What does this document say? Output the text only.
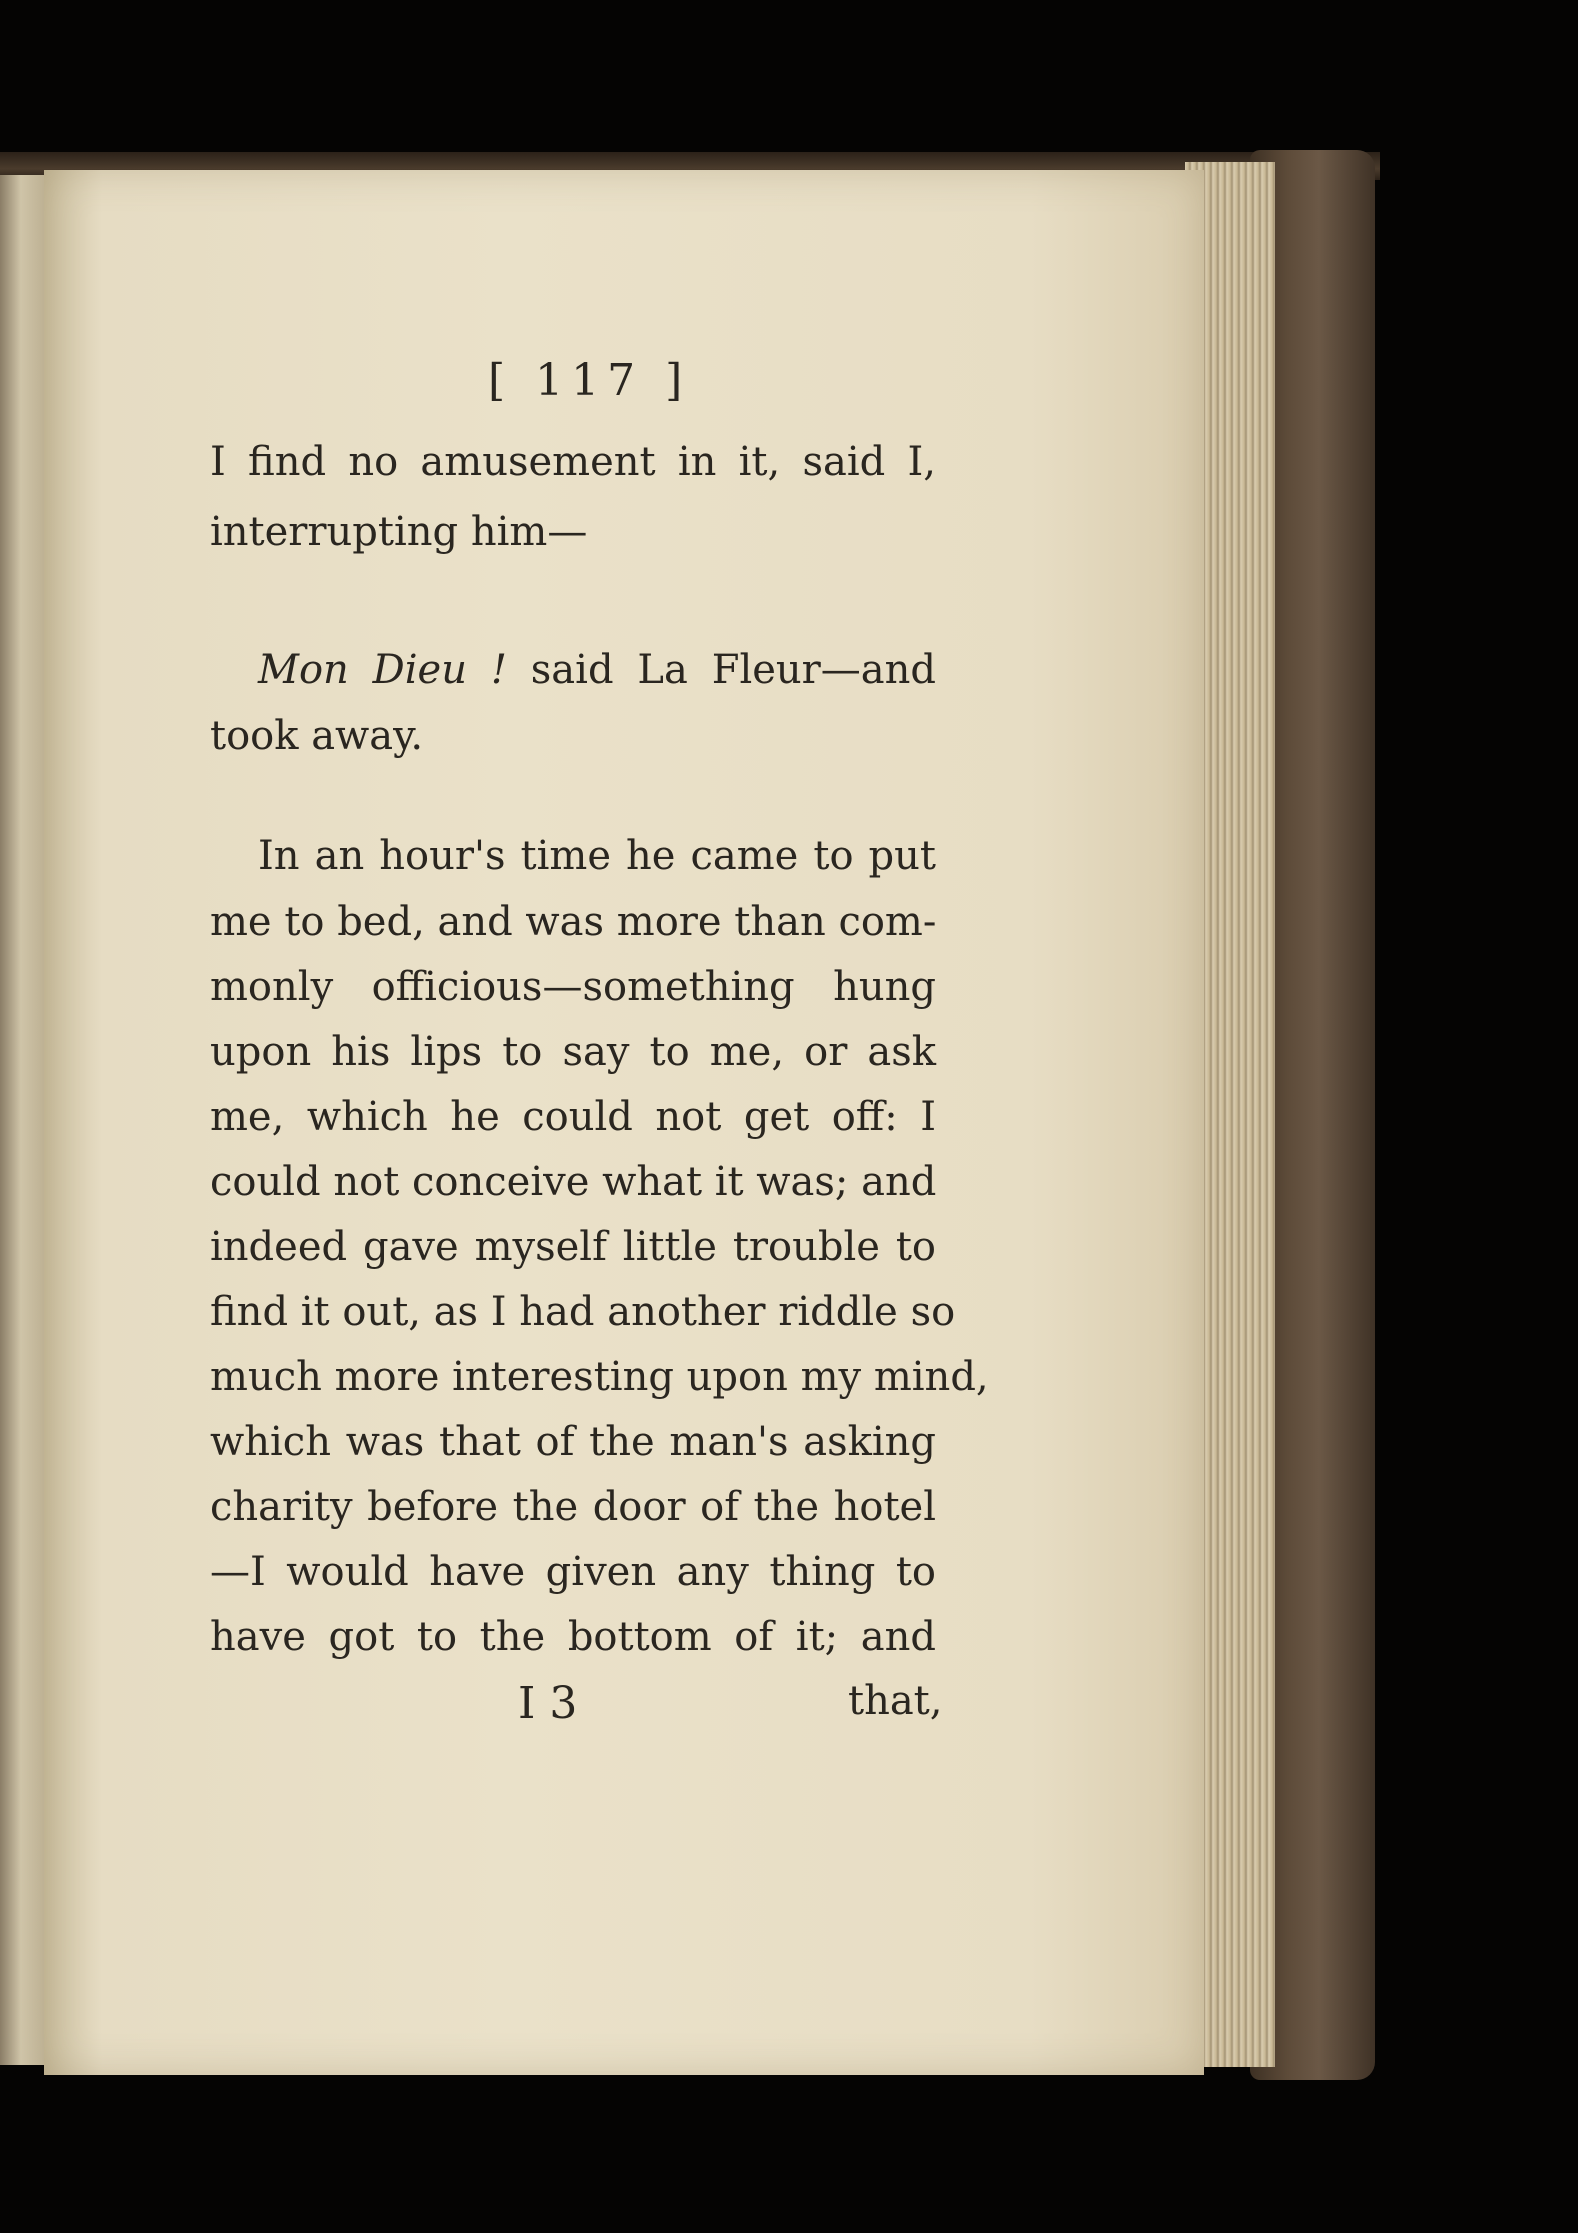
[ 117 ]
I find no amusement in it, said I,
interrupting him—
Mon Dieu ! said La Fleur—and
took away.
In an hour's time he came to put
me to bed, and was more than com-
monly officious—something hung
upon his lips to say to me, or ask
me, which he could not get off: I
could not conceive what it was; and
indeed gave myself little trouble to
find it out, as I had another riddle so
much more interesting upon my mind,
which was that of the man's asking
charity before the door of the hotel
—I would have given any thing to
have got to the bottom of it; and
I 3	that,
